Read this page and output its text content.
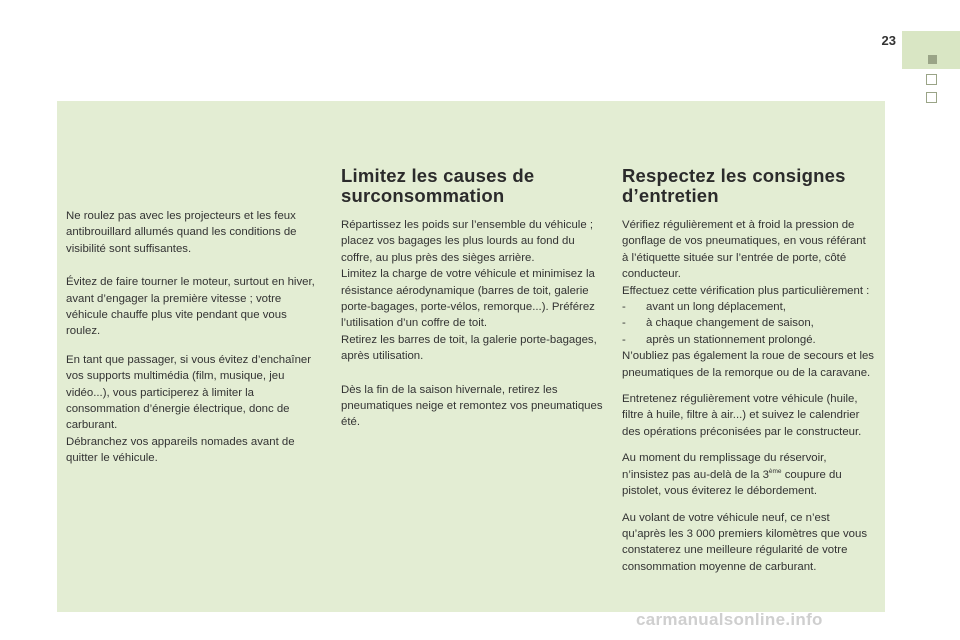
23

Ne roulez pas avec les projecteurs et les feux antibrouillard allumés quand les conditions de visibilité sont suffisantes.

Évitez de faire tourner le moteur, surtout en hiver, avant d’engager la première vitesse ; votre véhicule chauffe plus vite pendant que vous roulez.

En tant que passager, si vous évitez d’enchaîner vos supports multimédia (film, musique, jeu vidéo...), vous participerez à limiter la consommation d’énergie électrique, donc de carburant.

Débranchez vos appareils nomades avant de quitter le véhicule.

Limitez les causes de surconsommation

Répartissez les poids sur l’ensemble du véhicule ; placez vos bagages les plus lourds au fond du coffre, au plus près des sièges arrière.

Limitez la charge de votre véhicule et minimisez la résistance aérodynamique (barres de toit, galerie porte-bagages, porte-vélos, remorque...). Préférez l’utilisation d’un coffre de toit.

Retirez les barres de toit, la galerie porte-bagages, après utilisation.

Dès la fin de la saison hivernale, retirez les pneumatiques neige et remontez vos pneumatiques été.

Respectez les consignes d’entretien

Vérifiez régulièrement et à froid la pression de gonflage de vos pneumatiques, en vous référant à l’étiquette située sur l’entrée de porte, côté conducteur.

Effectuez cette vérification plus particulièrement :

-	avant un long déplacement,
-	à chaque changement de saison,
-	après un stationnement prolongé.

N’oubliez pas également la roue de secours et les pneumatiques de la remorque ou de la caravane.

Entretenez régulièrement votre véhicule (huile, filtre à huile, filtre à air...) et suivez le calendrier des opérations préconisées par le constructeur.

Au moment du remplissage du réservoir, n’insistez pas au-delà de la 3ème coupure du pistolet, vous éviterez le débordement.

Au volant de votre véhicule neuf, ce n’est qu’après les 3 000 premiers kilomètres que vous constaterez une meilleure régularité de votre consommation moyenne de carburant.

carmanualsonline.info
